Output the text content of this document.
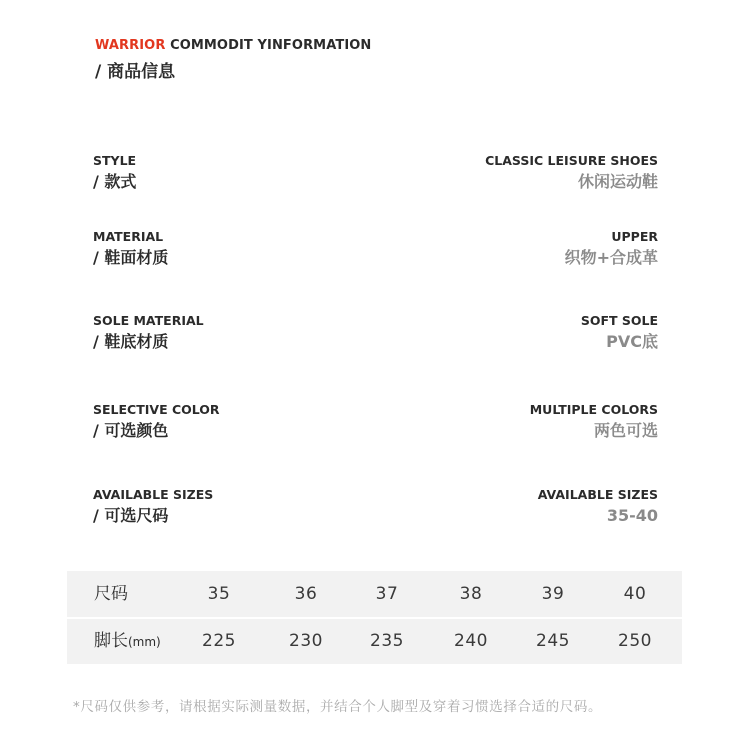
WARRIOR COMMODIT YINFORMATION
/ 商品信息
STYLE
/ 款式
CLASSIC LEISURE SHOES
休闲运动鞋
MATERIAL
/ 鞋面材质
UPPER
织物+合成革
SOLE MATERIAL
/ 鞋底材质
SOFT SOLE
PVC底
SELECTIVE COLOR
/ 可选颜色
MULTIPLE COLORS
两色可选
AVAILABLE SIZES
/ 可选尺码
AVAILABLE SIZES
35-40
尺码	35	36	37	38	39	40
脚长(mm)	225	230	235	240	245	250
*尺码仅供参考，请根据实际测量数据，并结合个人脚型及穿着习惯选择合适的尺码。
